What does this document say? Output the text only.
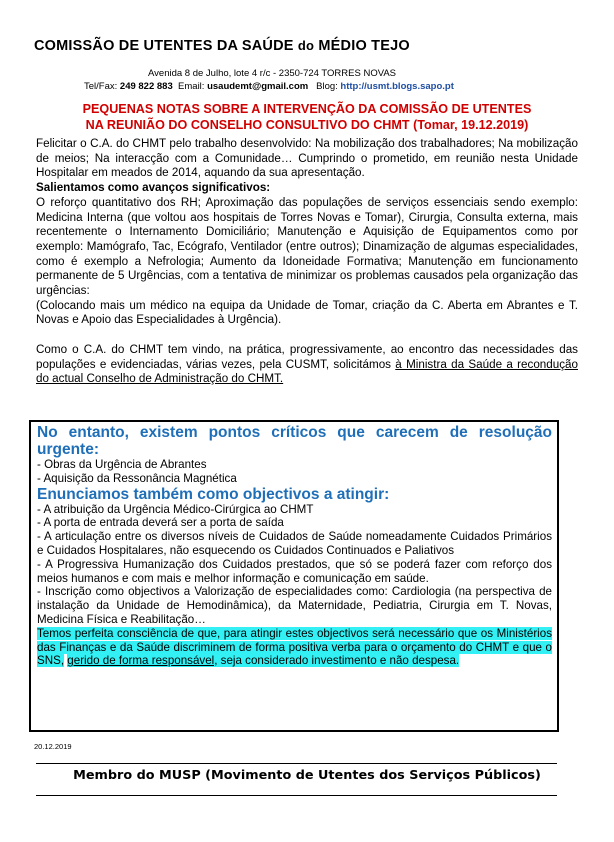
COMISSÃO DE UTENTES DA SAÚDE do MÉDIO TEJO
Avenida 8 de Julho, lote 4 r/c - 2350-724 TORRES NOVAS
Tel/Fax: 249 822 883 Email: usaudemt@gmail.com Blog: http://usmt.blogs.sapo.pt
PEQUENAS NOTAS SOBRE A INTERVENÇÃO DA COMISSÃO DE UTENTES
NA REUNIÃO DO CONSELHO CONSULTIVO DO CHMT (Tomar, 19.12.2019)

Felicitar o C.A. do CHMT pelo trabalho desenvolvido: Na mobilização dos trabalhadores; Na mobilização de meios; Na interacção com a Comunidade… Cumprindo o prometido, em reunião nesta Unidade Hospitalar em meados de 2014, aquando da sua apresentação.

Salientamos como avanços significativos:

O reforço quantitativo dos RH; Aproximação das populações de serviços essenciais sendo exemplo: Medicina Interna (que voltou aos hospitais de Torres Novas e Tomar), Cirurgia, Consulta externa, mais recentemente o Internamento Domiciliário; Manutenção e Aquisição de Equipamentos como por exemplo: Mamógrafo, Tac, Ecógrafo, Ventilador (entre outros); Dinamização de algumas especialidades, como é exemplo a Nefrologia; Aumento da Idoneidade Formativa; Manutenção em funcionamento permanente de 5 Urgências, com a tentativa de minimizar os problemas causados pela organização das urgências:

(Colocando mais um médico na equipa da Unidade de Tomar, criação da C. Aberta em Abrantes e T. Novas e Apoio das Especialidades à Urgência).

Como o C.A. do CHMT tem vindo, na prática, progressivamente, ao encontro das necessidades das populações e evidenciadas, várias vezes, pela CUSMT, solicitámos à Ministra da Saúde a recondução do actual Conselho de Administração do CHMT.

No entanto, existem pontos críticos que carecem de resolução urgente:

- Obras da Urgência de Abrantes

- Aquisição da Ressonância Magnética

Enunciamos também como objectivos a atingir:

- A atribuição da Urgência Médico-Cirúrgica ao CHMT

- A porta de entrada deverá ser a porta de saída

- A articulação entre os diversos níveis de Cuidados de Saúde nomeadamente Cuidados Primários e Cuidados Hospitalares, não esquecendo os Cuidados Continuados e Paliativos

- A Progressiva Humanização dos Cuidados prestados, que só se poderá fazer com reforço dos meios humanos e com mais e melhor informação e comunicação em saúde.

- Inscrição como objectivos a Valorização de especialidades como: Cardiologia (na perspectiva de instalação da Unidade de Hemodinâmica), da Maternidade, Pediatria, Cirurgia em T. Novas, Medicina Física e Reabilitação…

Temos perfeita consciência de que, para atingir estes objectivos será necessário que os Ministérios das Finanças e da Saúde discriminem de forma positiva verba para o orçamento do CHMT e que o SNS, gerido de forma responsável, seja considerado investimento e não despesa.

20.12.2019
Membro do MUSP (Movimento de Utentes dos Serviços Públicos)
